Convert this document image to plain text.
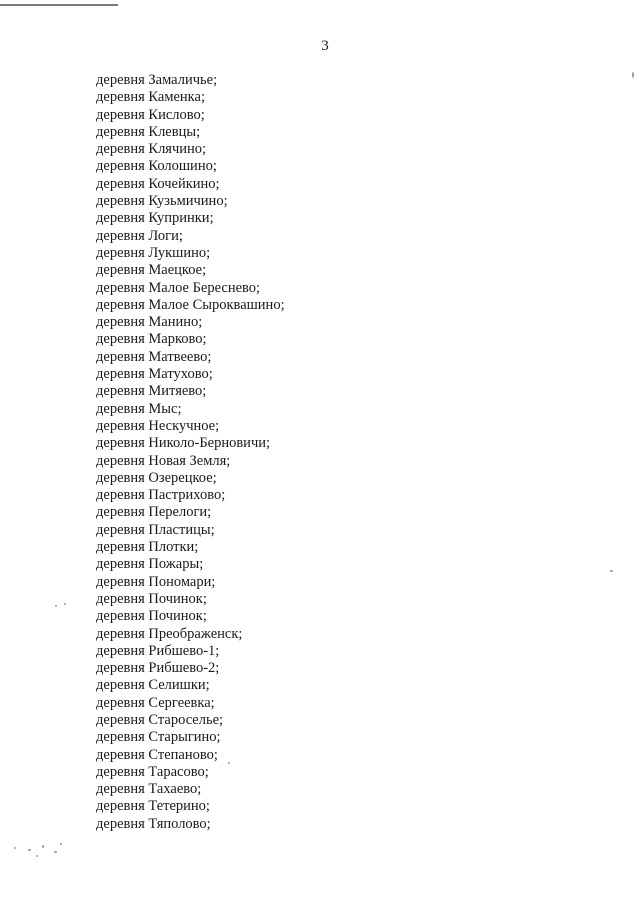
3
деревня Замаличье;
деревня Каменка;
деревня Кислово;
деревня Клевцы;
деревня Клячино;
деревня Колошино;
деревня Кочейкино;
деревня Кузьмичино;
деревня Купринки;
деревня Логи;
деревня Лукшино;
деревня Маецкое;
деревня Малое Береснево;
деревня Малое Сыроквашино;
деревня Манино;
деревня Марково;
деревня Матвеево;
деревня Матухово;
деревня Митяево;
деревня Мыс;
деревня Нескучное;
деревня Николо-Берновичи;
деревня Новая Земля;
деревня Озерецкое;
деревня Пастрихово;
деревня Перелоги;
деревня Пластицы;
деревня Плотки;
деревня Пожары;
деревня Пономари;
деревня Починок;
деревня Починок;
деревня Преображенск;
деревня Рибшево-1;
деревня Рибшево-2;
деревня Селишки;
деревня Сергеевка;
деревня Староселье;
деревня Старыгино;
деревня Степаново;
деревня Тарасово;
деревня Тахаево;
деревня Тетерино;
деревня Тяполово;
